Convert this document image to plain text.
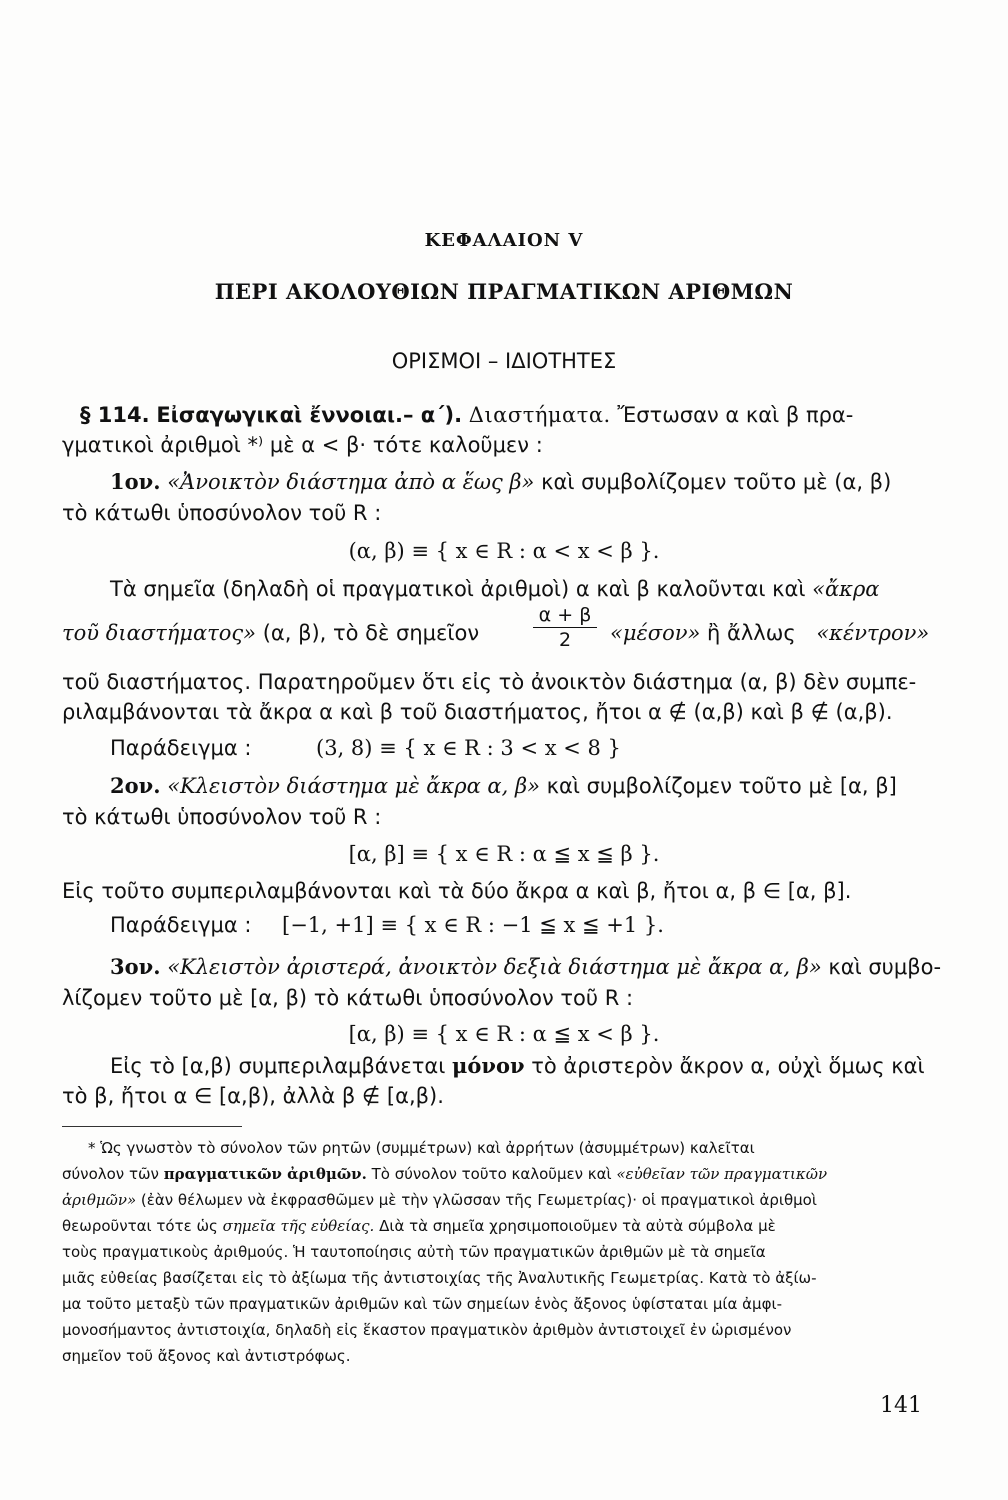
ΚΕΦΑΛΑΙΟΝ V
ΠΕΡΙ ΑΚΟΛΟΥΘΙΩΝ ΠΡΑΓΜΑΤΙΚΩΝ ΑΡΙΘΜΩΝ
ΟΡΙΣΜΟΙ – ΙΔΙΟΤΗΤΕΣ
§ 114. Εἰσαγωγικαὶ ἔννοιαι.– α΄). Διαστήματα. Ἔστωσαν α καὶ β πρα-
γματικοὶ ἀριθμοὶ *⁾ μὲ α < β· τότε καλοῦμεν :
1ον. «Ἀνοικτὸν διάστημα ἀπὸ α ἕως β» καὶ συμβολίζομεν τοῦτο μὲ (α, β)
τὸ κάτωθι ὑποσύνολον τοῦ R :
(α, β) ≡ { x ∈ R : α < x < β }.
Τὰ σημεῖα (δηλαδὴ οἱ πραγματικοὶ ἀριθμοὶ) α καὶ β καλοῦνται καὶ «ἄκρα
τοῦ διαστήματος» (α, β), τὸ δὲ σημεῖον
α + β
2	«μέσον» ἢ ἄλλως «κέντρον»
τοῦ διαστήματος. Παρατηροῦμεν ὅτι εἰς τὸ ἀνοικτὸν διάστημα (α, β) δὲν συμπε-
ριλαμβάνονται τὰ ἄκρα α καὶ β τοῦ διαστήματος, ἤτοι α ∉ (α,β) καὶ β ∉ (α,β).
Παράδειγμα :	(3, 8) ≡ { x ∈ R : 3 < x < 8 }
2ον. «Κλειστὸν διάστημα μὲ ἄκρα α, β» καὶ συμβολίζομεν τοῦτο μὲ [α, β]
τὸ κάτωθι ὑποσύνολον τοῦ R :
[α, β] ≡ { x ∈ R : α ≦ x ≦ β }.
Εἰς τοῦτο συμπεριλαμβάνονται καὶ τὰ δύο ἄκρα α καὶ β, ἤτοι α, β ∈ [α, β].
Παράδειγμα : [−1, +1] ≡ { x ∈ R : −1 ≦ x ≦ +1 }.
3ον. «Κλειστὸν ἀριστερά, ἀνοικτὸν δεξιὰ διάστημα μὲ ἄκρα α, β» καὶ συμβο-
λίζομεν τοῦτο μὲ [α, β) τὸ κάτωθι ὑποσύνολον τοῦ R :
[α, β) ≡ { x ∈ R : α ≦ x < β }.
Εἰς τὸ [α,β) συμπεριλαμβάνεται μόνον τὸ ἀριστερὸν ἄκρον α, οὐχὶ ὅμως καὶ
τὸ β, ἤτοι α ∈ [α,β), ἀλλὰ β ∉ [α,β).
* Ὡς γνωστὸν τὸ σύνολον τῶν ρητῶν (συμμέτρων) καὶ ἀρρήτων (ἀσυμμέτρων) καλεῖται
σύνολον τῶν πραγματικῶν ἀριθμῶν. Τὸ σύνολον τοῦτο καλοῦμεν καὶ «εὐθεῖαν τῶν πραγματικῶν
ἀριθμῶν» (ἐὰν θέλωμεν νὰ ἐκφρασθῶμεν μὲ τὴν γλῶσσαν τῆς Γεωμετρίας)· οἱ πραγματικοὶ ἀριθμοὶ
θεωροῦνται τότε ὡς σημεῖα τῆς εὐθείας. Διὰ τὰ σημεῖα χρησιμοποιοῦμεν τὰ αὐτὰ σύμβολα μὲ
τοὺς πραγματικοὺς ἀριθμούς. Ἡ ταυτοποίησις αὐτὴ τῶν πραγματικῶν ἀριθμῶν μὲ τὰ σημεῖα
μιᾶς εὐθείας βασίζεται εἰς τὸ ἀξίωμα τῆς ἀντιστοιχίας τῆς Ἀναλυτικῆς Γεωμετρίας. Κατὰ τὸ ἀξίω-
μα τοῦτο μεταξὺ τῶν πραγματικῶν ἀριθμῶν καὶ τῶν σημείων ἑνὸς ἄξονος ὑφίσταται μία ἀμφι-
μονοσήμαντος ἀντιστοιχία, δηλαδὴ εἰς ἕκαστον πραγματικὸν ἀριθμὸν ἀντιστοιχεῖ ἐν ὡρισμένον
σημεῖον τοῦ ἄξονος καὶ ἀντιστρόφως.
141
